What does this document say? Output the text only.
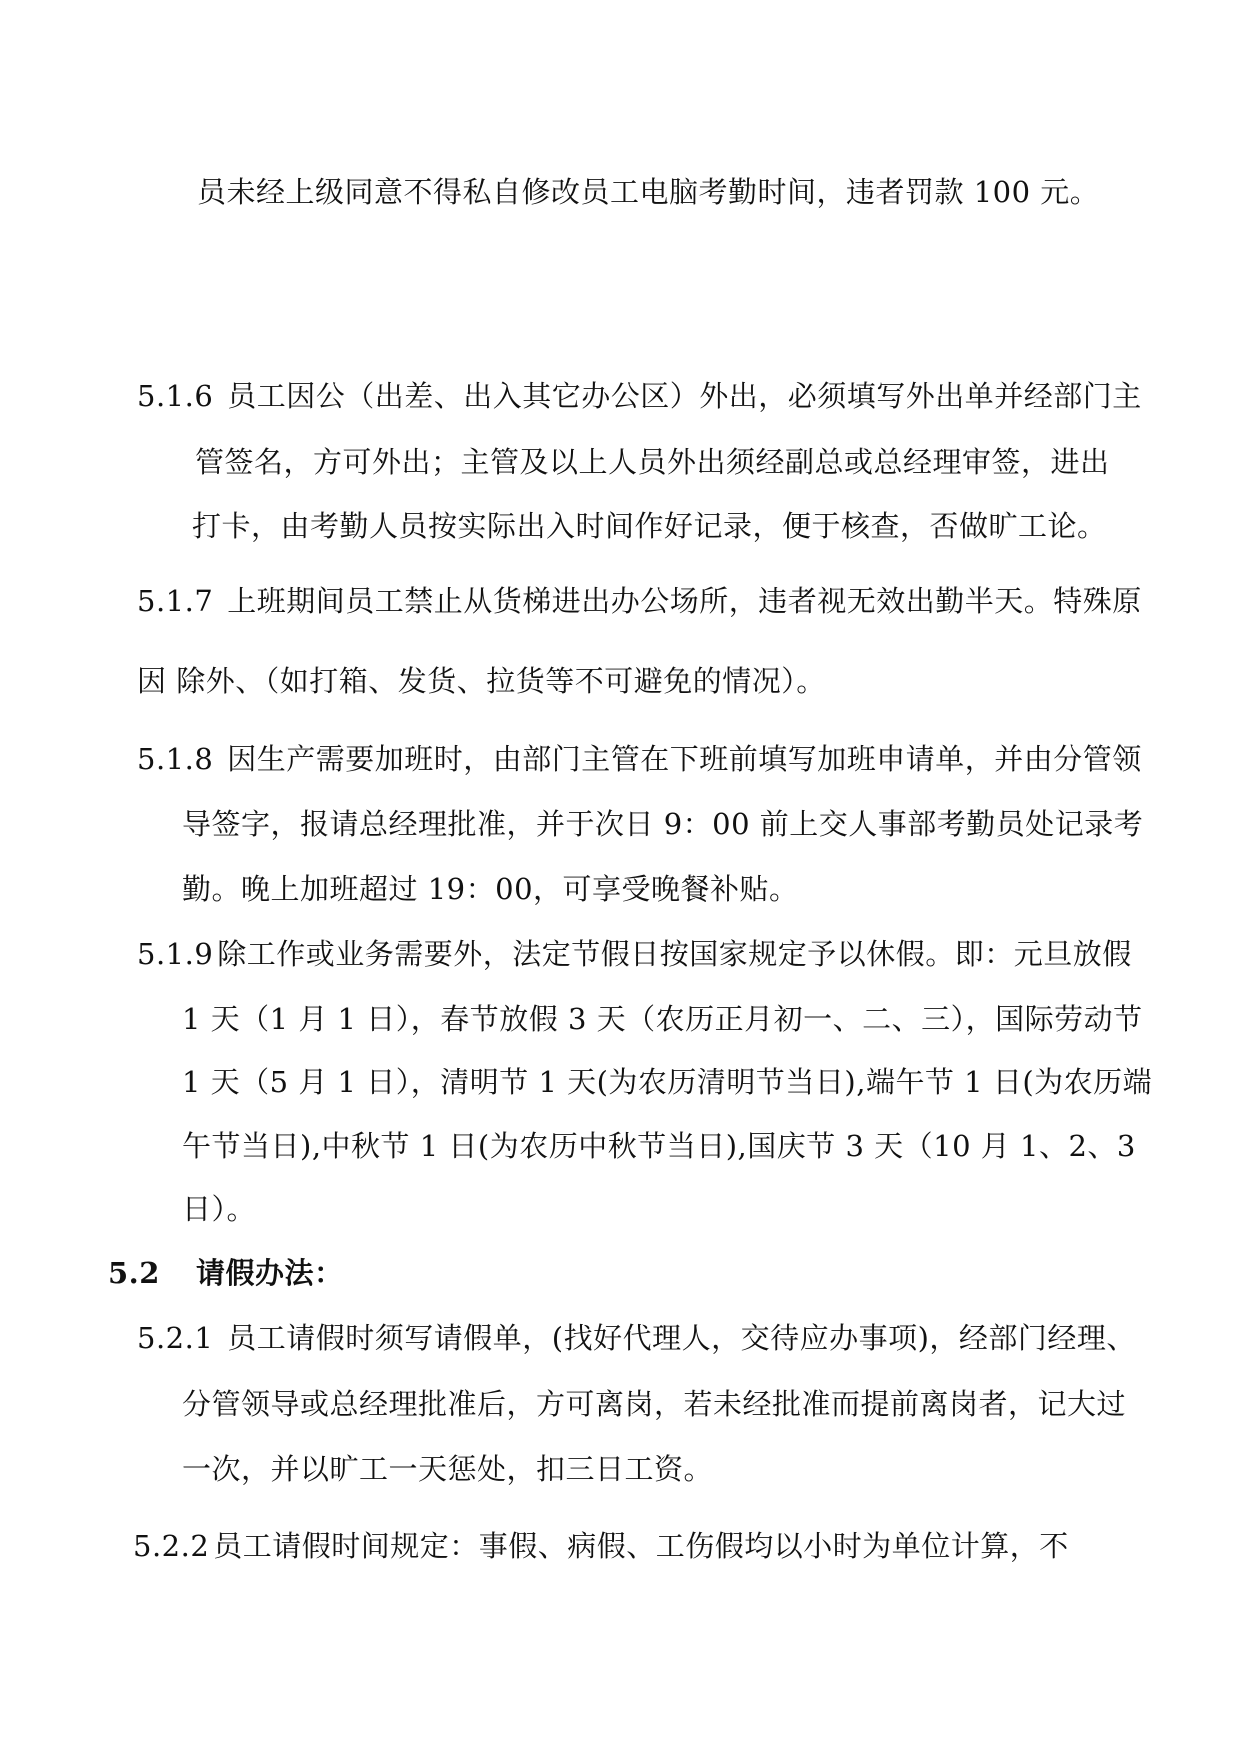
员未经上级同意不得私自修改员工电脑考勤时间，违者罚款 100 元。
5.1.6 员工因公（出差、出入其它办公区）外出，必须填写外出单并经部门主
管签名，方可外出；主管及以上人员外出须经副总或总经理审签，进出
打卡，由考勤人员按实际出入时间作好记录，便于核查，否做旷工论。
5.1.7 上班期间员工禁止从货梯进出办公场所，违者视无效出勤半天。特殊原
因 除外、（如打箱、发货、拉货等不可避免的情况）。
5.1.8 因生产需要加班时，由部门主管在下班前填写加班申请单，并由分管领
导签字，报请总经理批准，并于次日 9：00 前上交人事部考勤员处记录考
勤。晚上加班超过 19：00，可享受晚餐补贴。
5.1.9 除工作或业务需要外，法定节假日按国家规定予以休假。即：元旦放假
1 天（1 月 1 日），春节放假 3 天（农历正月初一、二、三），国际劳动节
1 天（5 月 1 日），清明节 1 天(为农历清明节当日),端午节 1 日(为农历端
午节当日),中秋节 1 日(为农历中秋节当日),国庆节 3 天（10 月 1、2、3
日）。
5.2 请假办法：
5.2.1 员工请假时须写请假单，(找好代理人，交待应办事项)，经部门经理、
分管领导或总经理批准后，方可离岗，若未经批准而提前离岗者，记大过
一次，并以旷工一天惩处，扣三日工资。
5.2.2 员工请假时间规定：事假、病假、工伤假均以小时为单位计算，不
